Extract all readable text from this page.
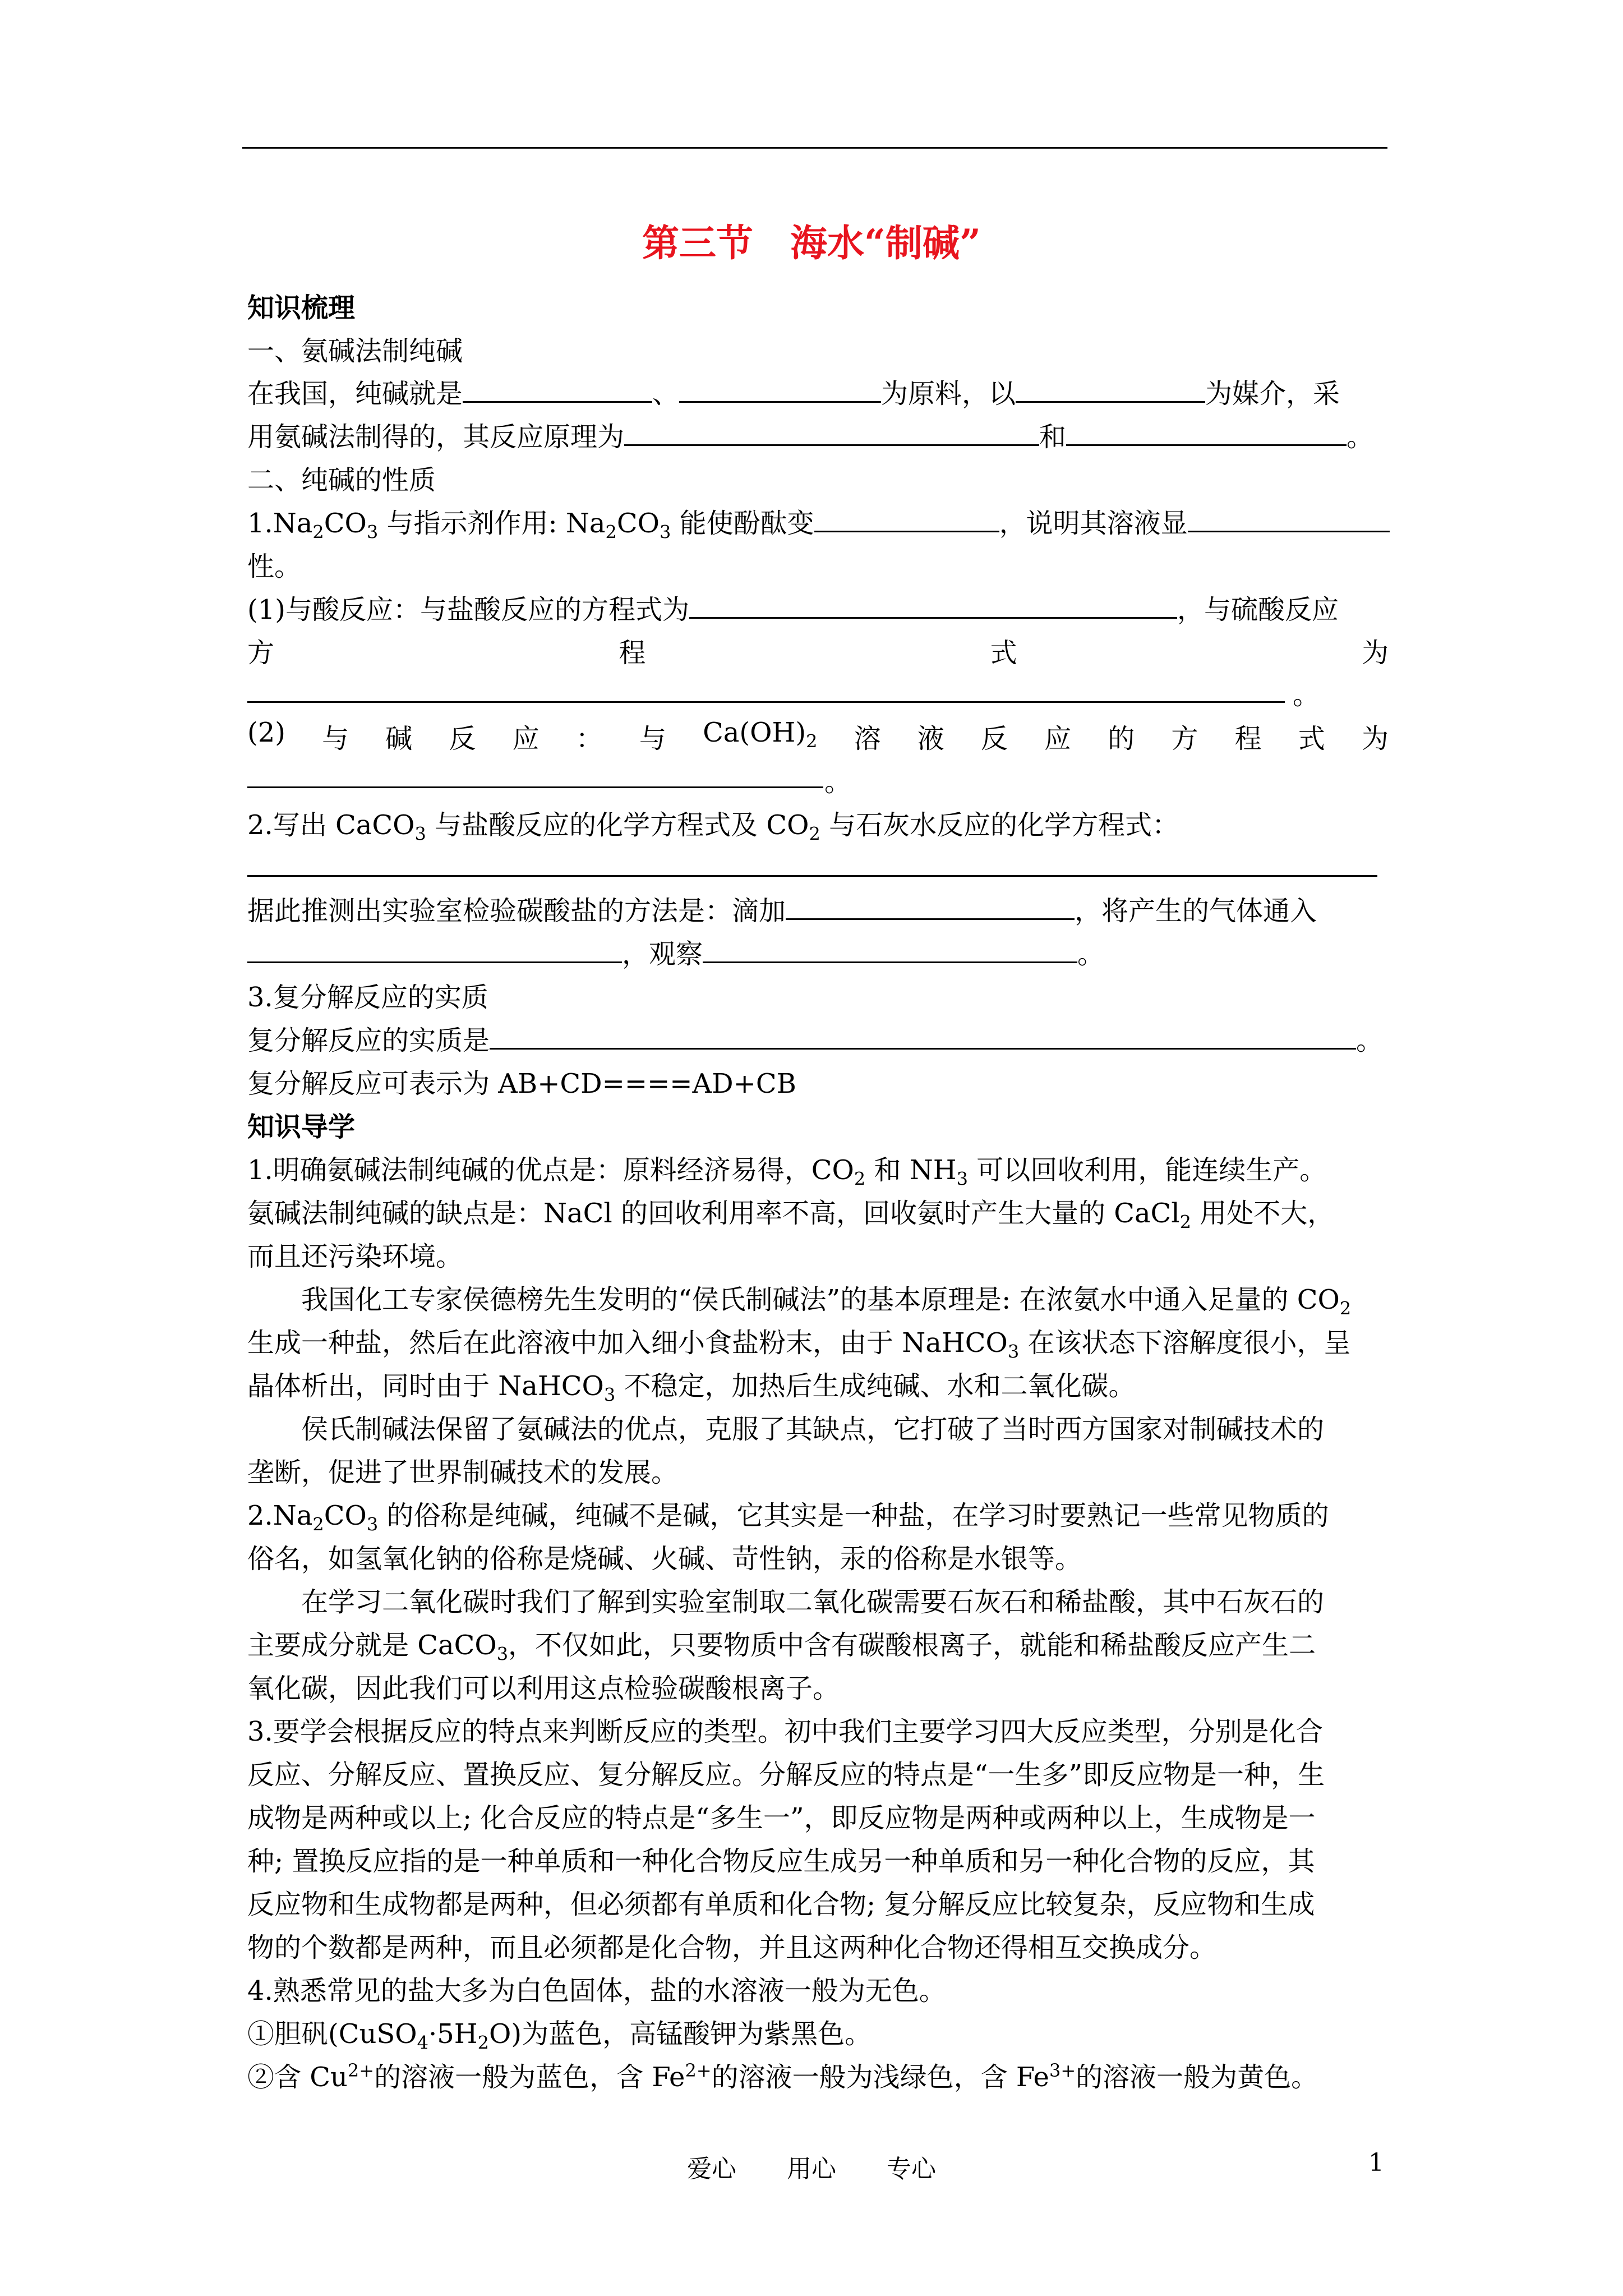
第三节　海水“制碱”
知识梳理
一、氨碱法制纯碱
在我国，纯碱就是	、	为原料，以	为媒介，采
用氨碱法制得的，其反应原理为	和	。
二、纯碱的性质
$1.Na_2CO_3$ 与指示剂作用: $Na_2CO_3$ 能使酚酞变	，说明其溶液显
性。
(1)与酸反应：与盐酸反应的方程式为	，与硫酸反应
方	程	式	为
。
(2) 与 碱 反 应 ： 与 $Ca(OH)_2$ 溶 液 反 应 的 方 程 式 为
。
2.写出 CaCO$_3$ 与盐酸反应的化学方程式及 $CO_2$ 与石灰水反应的化学方程式：
据此推测出实验室检验碳酸盐的方法是：滴加	，将产生的气体通入
，观察	。
3.复分解反应的实质
复分解反应的实质是	。
复分解反应可表示为 AB+CD====AD+CB
知识导学
1.明确氨碱法制纯碱的优点是：原料经济易得，$CO_2$ 和 $NH_3$ 可以回收利用，能连续生产。
氨碱法制纯碱的缺点是：NaCl 的回收利用率不高，回收氨时产生大量的 CaCl$_2$ 用处不大，
而且还污染环境。
我国化工专家侯德榜先生发明的“侯氏制碱法”的基本原理是: 在浓氨水中通入足量的 $CO_2$
生成一种盐，然后在此溶液中加入细小食盐粉末，由于 NaHCO$_3$ 在该状态下溶解度很小，呈
晶体析出，同时由于 NaHCO$_3$ 不稳定，加热后生成纯碱、水和二氧化碳。
侯氏制碱法保留了氨碱法的优点，克服了其缺点，它打破了当时西方国家对制碱技术的
垄断，促进了世界制碱技术的发展。
$2.Na_2CO_3$ 的俗称是纯碱，纯碱不是碱，它其实是一种盐，在学习时要熟记一些常见物质的
俗名，如氢氧化钠的俗称是烧碱、火碱、苛性钠，汞的俗称是水银等。
在学习二氧化碳时我们了解到实验室制取二氧化碳需要石灰石和稀盐酸，其中石灰石的
主要成分就是 CaCO$_3$，不仅如此，只要物质中含有碳酸根离子，就能和稀盐酸反应产生二
氧化碳，因此我们可以利用这点检验碳酸根离子。
3.要学会根据反应的特点来判断反应的类型。初中我们主要学习四大反应类型，分别是化合
反应、分解反应、置换反应、复分解反应。分解反应的特点是“一生多”即反应物是一种，生
成物是两种或以上; 化合反应的特点是“多生一”，即反应物是两种或两种以上，生成物是一
种; 置换反应指的是一种单质和一种化合物反应生成另一种单质和另一种化合物的反应，其
反应物和生成物都是两种，但必须都有单质和化合物; 复分解反应比较复杂，反应物和生成
物的个数都是两种，而且必须都是化合物，并且这两种化合物还得相互交换成分。
4.熟悉常见的盐大多为白色固体，盐的水溶液一般为无色。
①胆矾$(CuSO_4\cdot 5H_2O)$为蓝色，高锰酸钾为紫黑色。
②含 $Cu^{2+}$的溶液一般为蓝色，含 $Fe^{2+}$的溶液一般为浅绿色，含 $Fe^{3+}$的溶液一般为黄色。
爱心 用心 专心	1
